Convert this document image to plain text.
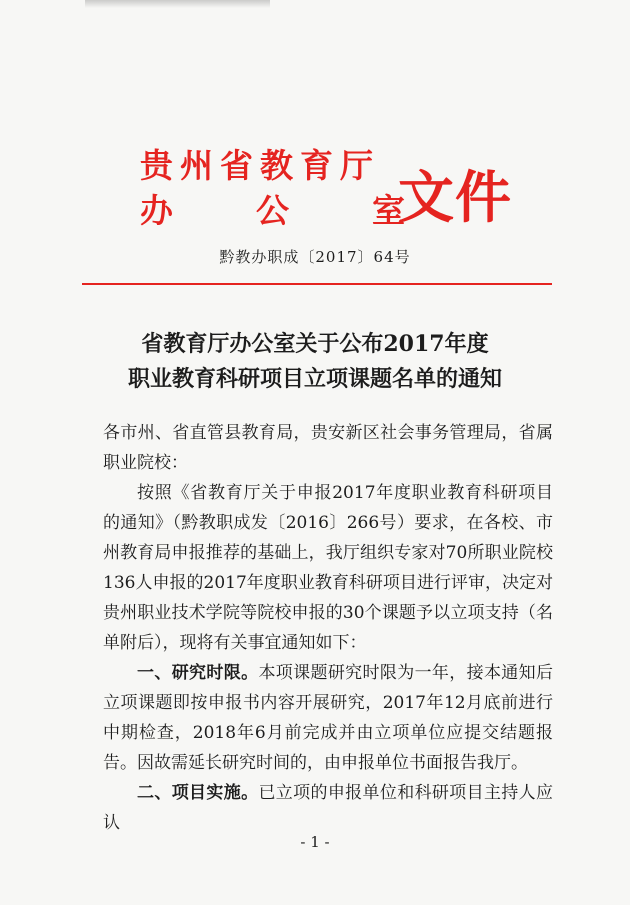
贵州省教育厅
办	公	室
文件
黔教办职成〔2017〕64号
省教育厅办公室关于公布2017年度
职业教育科研项目立项课题名单的通知

各市州、省直管县教育局，贵安新区社会事务管理局，省属职业院校：

按照《省教育厅关于申报2017年度职业教育科研项目的通知》（黔教职成发〔2016〕266号）要求，在各校、市州教育局申报推荐的基础上，我厅组织专家对70所职业院校136人申报的2017年度职业教育科研项目进行评审，决定对贵州职业技术学院等院校申报的30个课题予以立项支持（名单附后），现将有关事宜通知如下：

一、研究时限。本项课题研究时限为一年，接本通知后立项课题即按申报书内容开展研究，2017年12月底前进行中期检查，2018年6月前完成并由立项单位应提交结题报告。因故需延长研究时间的，由申报单位书面报告我厅。

二、项目实施。已立项的申报单位和科研项目主持人应认

- 1 -
